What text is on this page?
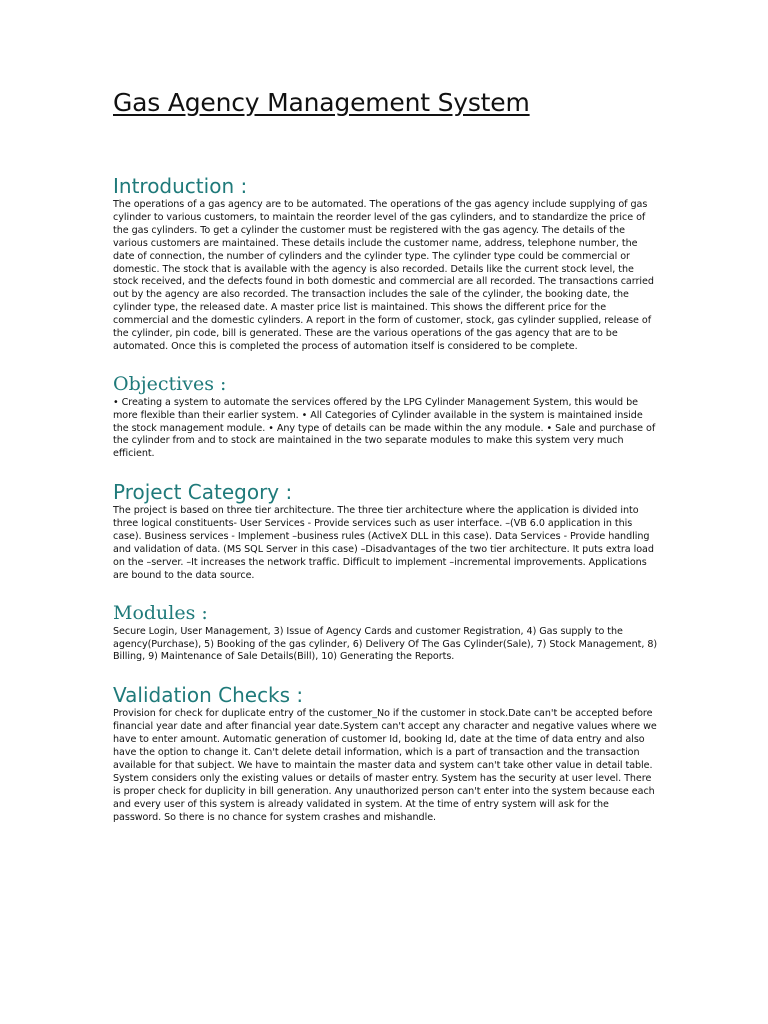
Gas Agency Management System
Introduction :

The operations of a gas agency are to be automated. The operations of the gas agency include supplying of gas cylinder to various customers, to maintain the reorder level of the gas cylinders, and to standardize the price of the gas cylinders. To get a cylinder the customer must be registered with the gas agency. The details of the various customers are maintained. These details include the customer name, address, telephone number, the date of connection, the number of cylinders and the cylinder type. The cylinder type could be commercial or domestic. The stock that is available with the agency is also recorded. Details like the current stock level, the stock received, and the defects found in both domestic and commercial are all recorded. The transactions carried out by the agency are also recorded. The transaction includes the sale of the cylinder, the booking date, the cylinder type, the released date. A master price list is maintained. This shows the different price for the commercial and the domestic cylinders. A report in the form of customer, stock, gas cylinder supplied, release of the cylinder, pin code, bill is generated. These are the various operations of the gas agency that are to be automated. Once this is completed the process of automation itself is considered to be complete.

Objectives :

• Creating a system to automate the services offered by the LPG Cylinder Management System, this would be more flexible than their earlier system. • All Categories of Cylinder available in the system is maintained inside the stock management module. • Any type of details can be made within the any module. • Sale and purchase of the cylinder from and to stock are maintained in the two separate modules to make this system very much efficient.

Project Category :

The project is based on three tier architecture. The three tier architecture where the application is divided into three logical constituents- User Services - Provide services such as user interface. –(VB 6.0 application in this case). Business services - Implement –business rules (ActiveX DLL in this case). Data Services - Provide handling and validation of data. (MS SQL Server in this case) –Disadvantages of the two tier architecture. It puts extra load on the –server. –It increases the network traffic. Difficult to implement –incremental improvements. Applications are bound to the data source.

Modules :

Secure Login, User Management, 3) Issue of Agency Cards and customer Registration, 4) Gas supply to the agency(Purchase), 5) Booking of the gas cylinder, 6) Delivery Of The Gas Cylinder(Sale), 7) Stock Management, 8) Billing, 9) Maintenance of Sale Details(Bill), 10) Generating the Reports.

Validation Checks :

Provision for check for duplicate entry of the customer_No if the customer in stock.Date can't be accepted before financial year date and after financial year date.System can't accept any character and negative values where we have to enter amount. Automatic generation of customer Id, booking Id, date at the time of data entry and also have the option to change it. Can't delete detail information, which is a part of transaction and the transaction available for that subject. We have to maintain the master data and system can't take other value in detail table. System considers only the existing values or details of master entry. System has the security at user level. There is proper check for duplicity in bill generation. Any unauthorized person can't enter into the system because each and every user of this system is already validated in system. At the time of entry system will ask for the password. So there is no chance for system crashes and mishandle.
